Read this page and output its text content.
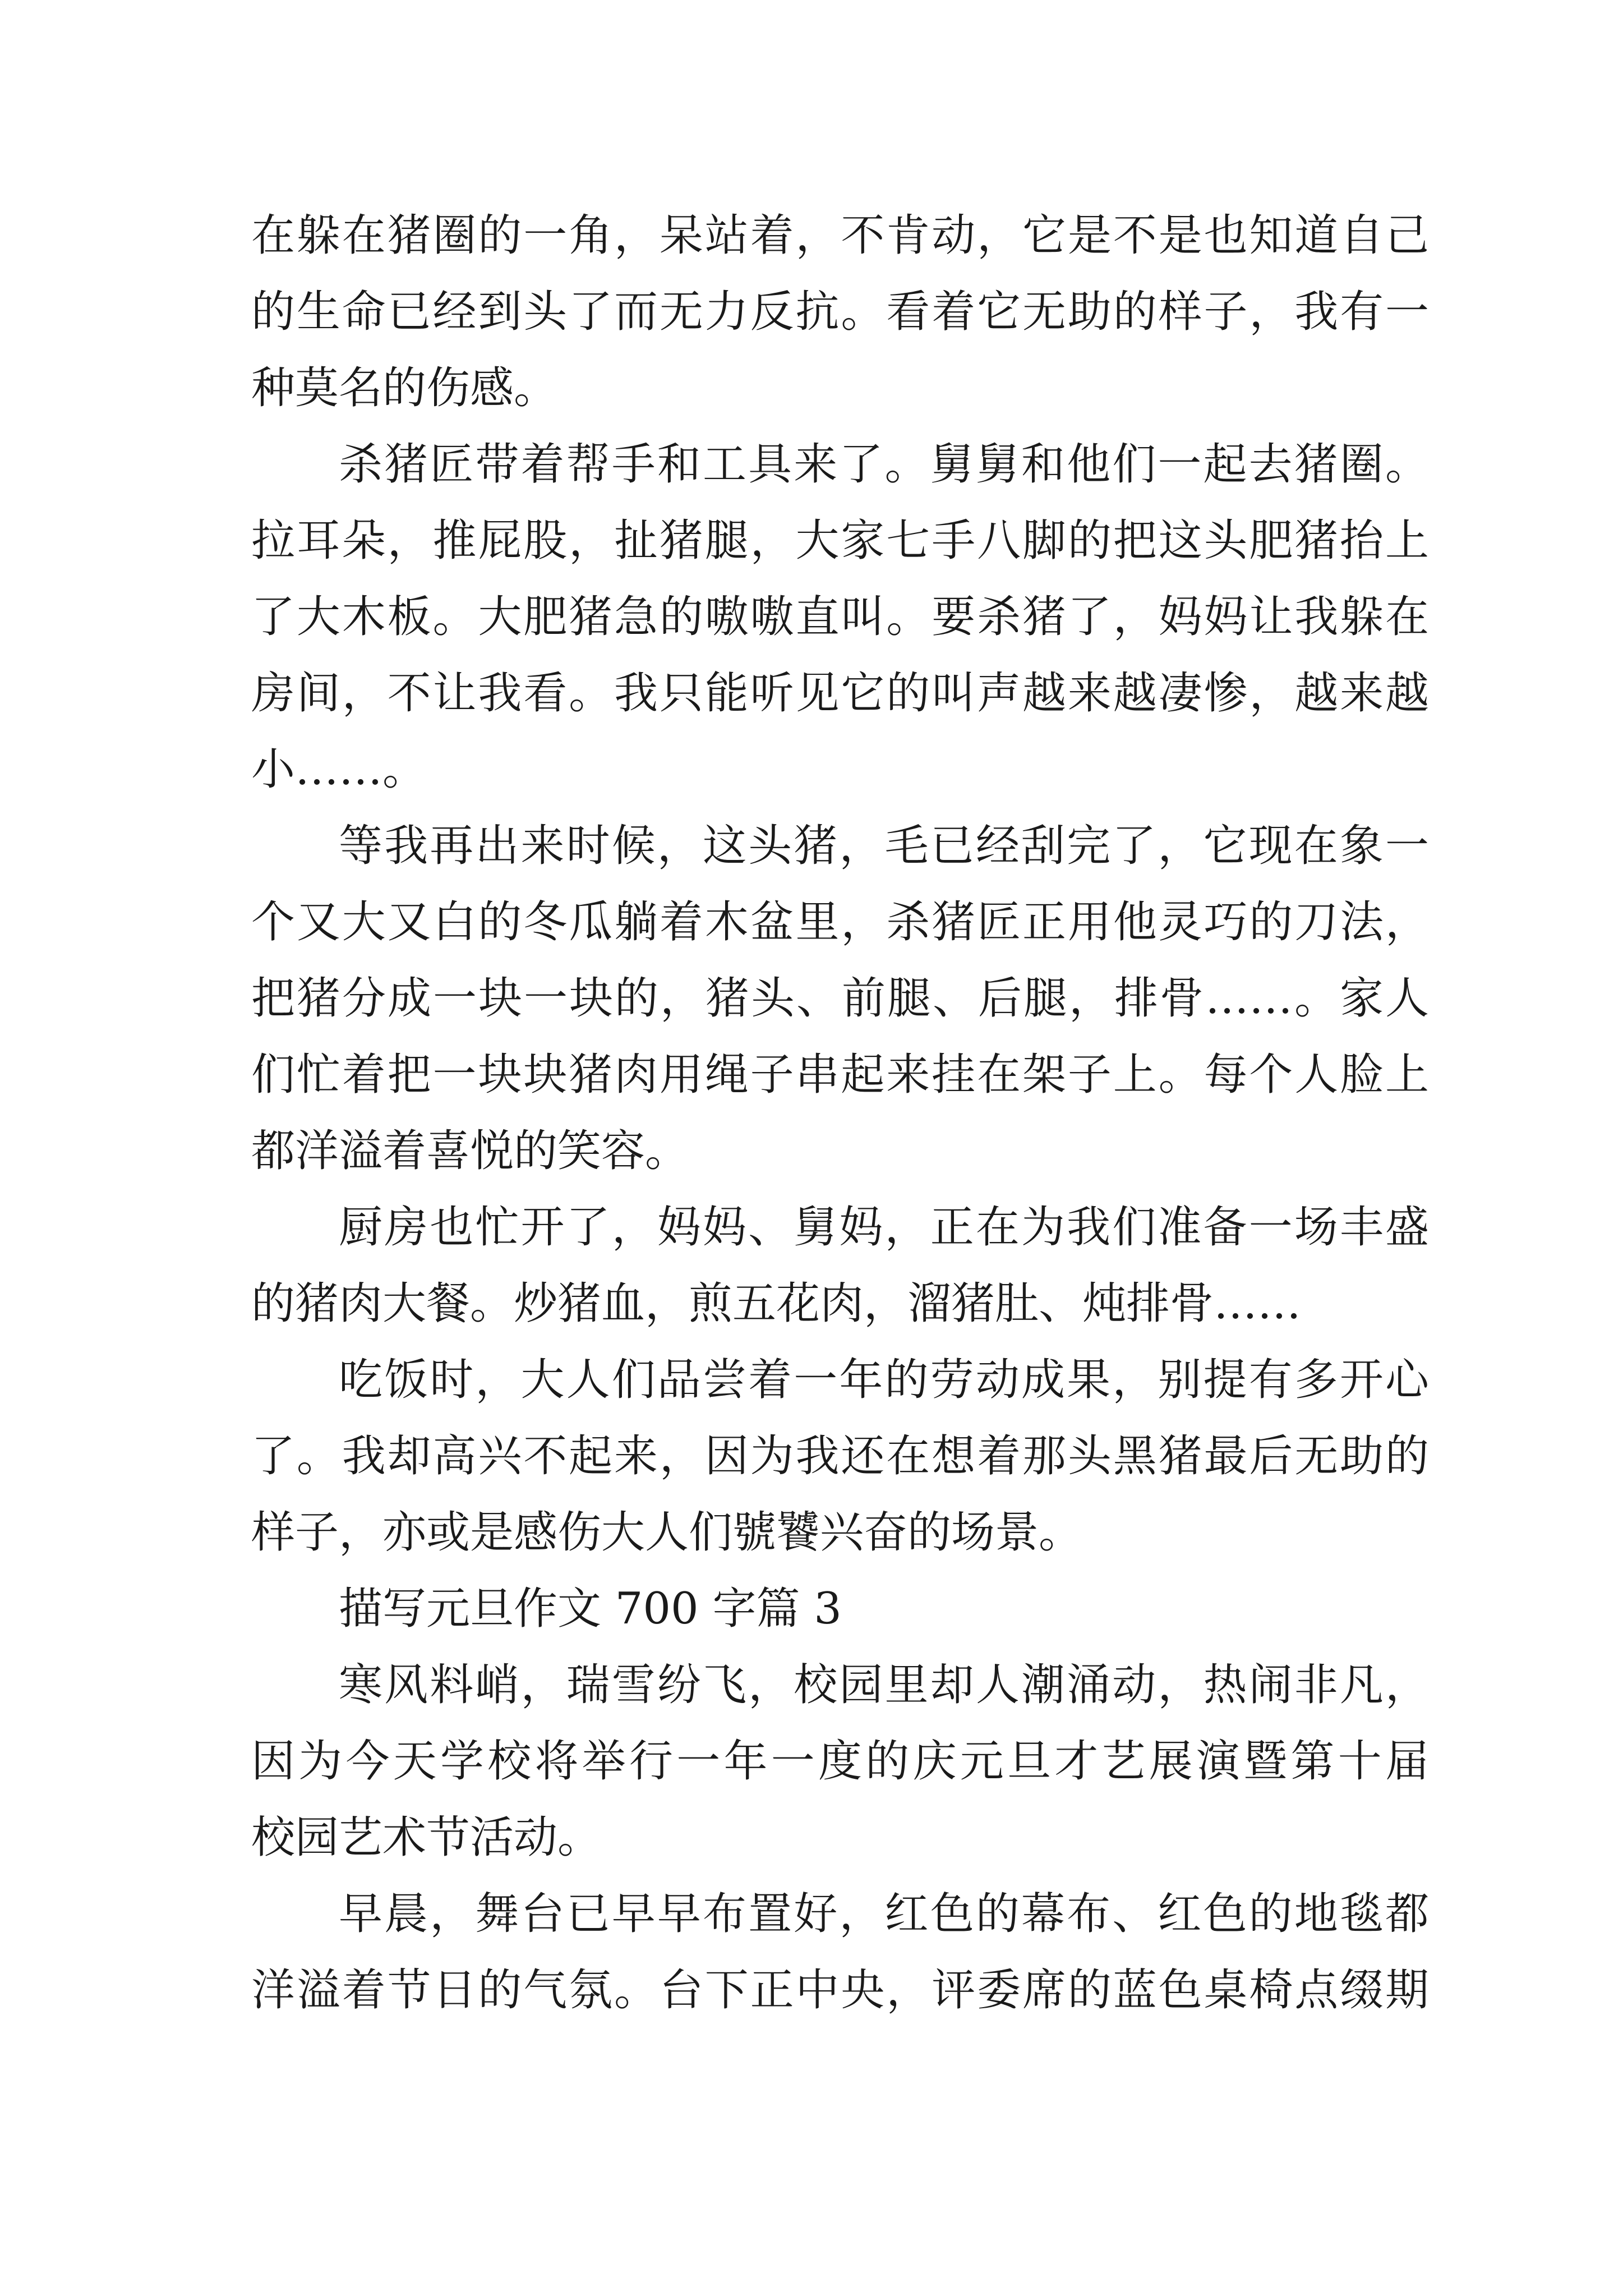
在躲在猪圈的一角，呆站着，不肯动，它是不是也知道自己
的生命已经到头了而无力反抗。看着它无助的样子，我有一
种莫名的伤感。
杀猪匠带着帮手和工具来了。舅舅和他们一起去猪圈。
拉耳朵，推屁股，扯猪腿，大家七手八脚的把这头肥猪抬上
了大木板。大肥猪急的嗷嗷直叫。要杀猪了，妈妈让我躲在
房间，不让我看。我只能听见它的叫声越来越凄惨，越来越
小……。
等我再出来时候，这头猪，毛已经刮完了，它现在象一
个又大又白的冬瓜躺着木盆里，杀猪匠正用他灵巧的刀法，
把猪分成一块一块的，猪头、前腿、后腿，排骨……。家人
们忙着把一块块猪肉用绳子串起来挂在架子上。每个人脸上
都洋溢着喜悦的笑容。
厨房也忙开了，妈妈、舅妈，正在为我们准备一场丰盛
的猪肉大餐。炒猪血，煎五花肉，溜猪肚、炖排骨……
吃饭时，大人们品尝着一年的劳动成果，别提有多开心
了。我却高兴不起来，因为我还在想着那头黑猪最后无助的
样子，亦或是感伤大人们號饕兴奋的场景。
描写元旦作文 700 字篇 3
寒风料峭，瑞雪纷飞，校园里却人潮涌动，热闹非凡，
因为今天学校将举行一年一度的庆元旦才艺展演暨第十届
校园艺术节活动。
早晨，舞台已早早布置好，红色的幕布、红色的地毯都
洋溢着节日的气氛。台下正中央，评委席的蓝色桌椅点缀期
